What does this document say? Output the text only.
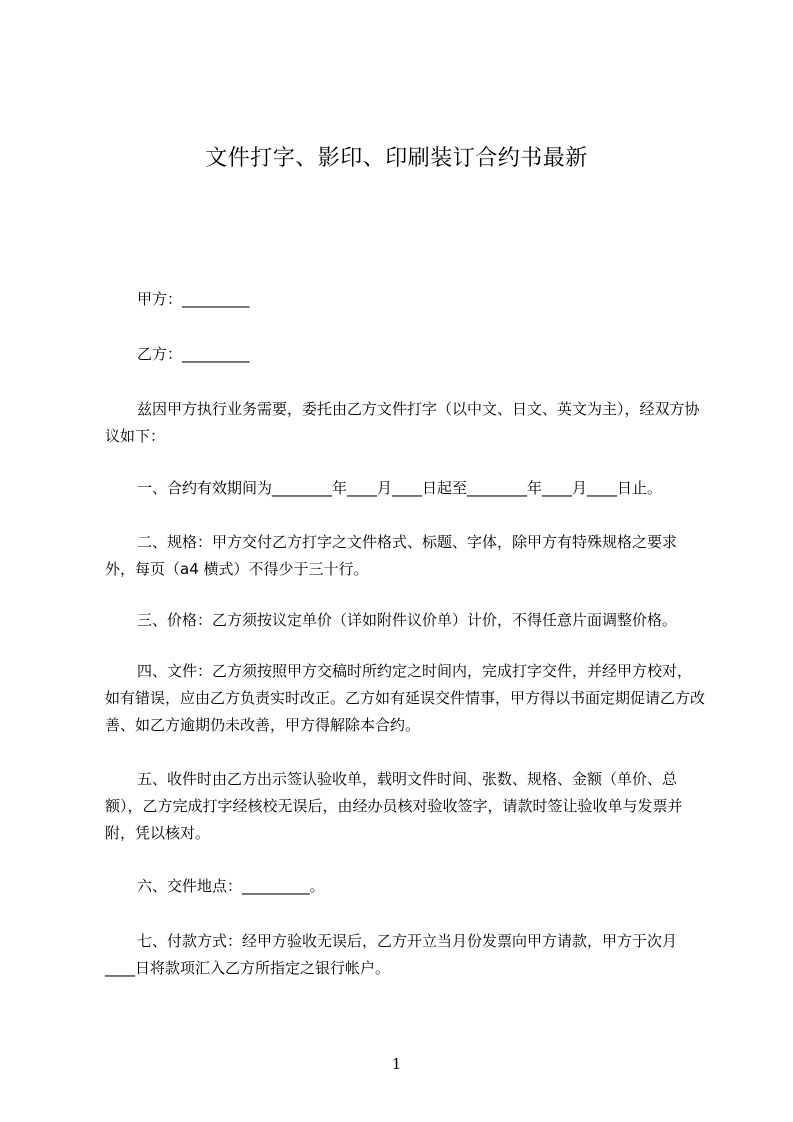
文件打字、影印、印刷装订合约书最新

甲方：_________

乙方：_________

兹因甲方执行业务需要，委托由乙方文件打字（以中文、日文、英文为主），经双方协议如下：

一、合约有效期间为________年____月____日起至________年____月____日止。

二、规格：甲方交付乙方打字之文件格式、标题、字体，除甲方有特殊规格之要求外，每页（a4 横式）不得少于三十行。

三、价格：乙方须按议定单价（详如附件议价单）计价，不得任意片面调整价格。

四、文件：乙方须按照甲方交稿时所约定之时间内，完成打字交件，并经甲方校对，如有错误，应由乙方负责实时改正。乙方如有延误交件情事，甲方得以书面定期促请乙方改善、如乙方逾期仍未改善，甲方得解除本合约。

五、收件时由乙方出示签认验收单，载明文件时间、张数、规格、金额（单价、总额），乙方完成打字经核校无误后，由经办员核对验收签字，请款时签让验收单与发票并附，凭以核对。

六、交件地点：_________。

七、付款方式：经甲方验收无误后，乙方开立当月份发票向甲方请款，甲方于次月____日将款项汇入乙方所指定之银行帐户。

1
